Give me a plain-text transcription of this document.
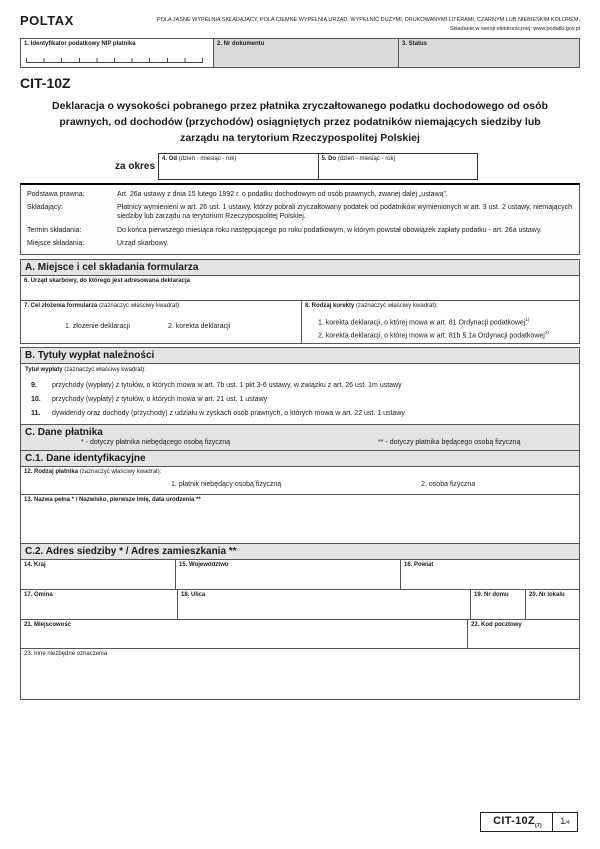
POLTAX	POLA JASNE WYPEŁNIA SKŁADAJĄCY, POLA CIEMNE WYPEŁNIA URZĄD. WYPEŁNIĆ DUŻYMI, DRUKOWANYMI LITERAMI, CZARNYM LUB NIEBIESKIM KOLOREM.
Składanie w wersji elektronicznej: www.podatki.gov.pl
1. Identyfikator podatkowy NIP płatnika	2. Nr dokumentu	3. Status
CIT-10Z
Deklaracja o wysokości pobranego przez płatnika zryczałtowanego podatku dochodowego od osób prawnych, od dochodów (przychodów) osiągniętych przez podatników niemających siedziby lub zarządu na terytorium Rzeczypospolitej Polskiej
za okres
4. Od (dzień - miesiąc - rok)	5. Do (dzień - miesiąc - rok)
Podstawa prawna:	Art. 26a ustawy z dnia 15 lutego 1992 r. o podatku dochodowym od osób prawnych, zwanej dalej „ustawą”.
Składający:	Płatnicy wymienieni w art. 26 ust. 1 ustawy, którzy pobrali zryczałtowany podatek od podatników wymienionych w art. 3 ust. 2 ustawy, niemających siedziby lub zarządu na terytorium Rzeczypospolitej Polskiej.
Termin składania:	Do końca pierwszego miesiąca roku następującego po roku podatkowym, w którym powstał obowiązek zapłaty podatku - art. 26a ustawy.
Miejsce składania:	Urząd skarbowy.
A. Miejsce i cel składania formularza
6. Urząd skarbowy, do którego jest adresowana deklaracja
7. Cel złożenia formularza (zaznaczyć właściwy kwadrat):
1. złożenie deklaracji	2. korekta deklaracji
8. Rodzaj korekty (zaznaczyć właściwy kwadrat):
1. korekta deklaracji, o której mowa w art. 81 Ordynacji podatkowej$^{1)}$
2. korekta deklaracji, o której mowa w art. 81b § 1a Ordynacji podatkowej$^{2)}$
B. Tytuły wypłat należności
Tytuł wypłaty (zaznaczyć właściwy kwadrat):
9.	przychody (wypłaty) z tytułów, o których mowa w art. 7b ust. 1 pkt 3-6 ustawy, w związku z art. 26 ust. 1m ustawy
10.	przychody (wypłaty) z tytułów, o których mowa w art. 21 ust. 1 ustawy
11.	dywidendy oraz dochody (przychody) z udziału w zyskach osób prawnych, o których mowa w art. 22 ust. 1 ustawy
C. Dane płatnika
* - dotyczy płatnika niebędącego osobą fizyczną	** - dotyczy płatnika będącego osobą fizyczną
C.1. Dane identyfikacyjne
12. Rodzaj płatnika (zaznaczyć właściwy kwadrat):
1. płatnik niebędący osobą fizyczną	2. osoba fizyczna
13. Nazwa pełna * / Nazwisko, pierwsze imię, data urodzenia **
C.2. Adres siedziby * / Adres zamieszkania **
14. Kraj	15. Województwo	16. Powiat
17. Gmina	18. Ulica	19. Nr domu	20. Nr lokalu
21. Miejscowość	22. Kod pocztowy
23. Inne niezbędne oznaczenia
CIT-$10Z_{(7)}$
1/4
